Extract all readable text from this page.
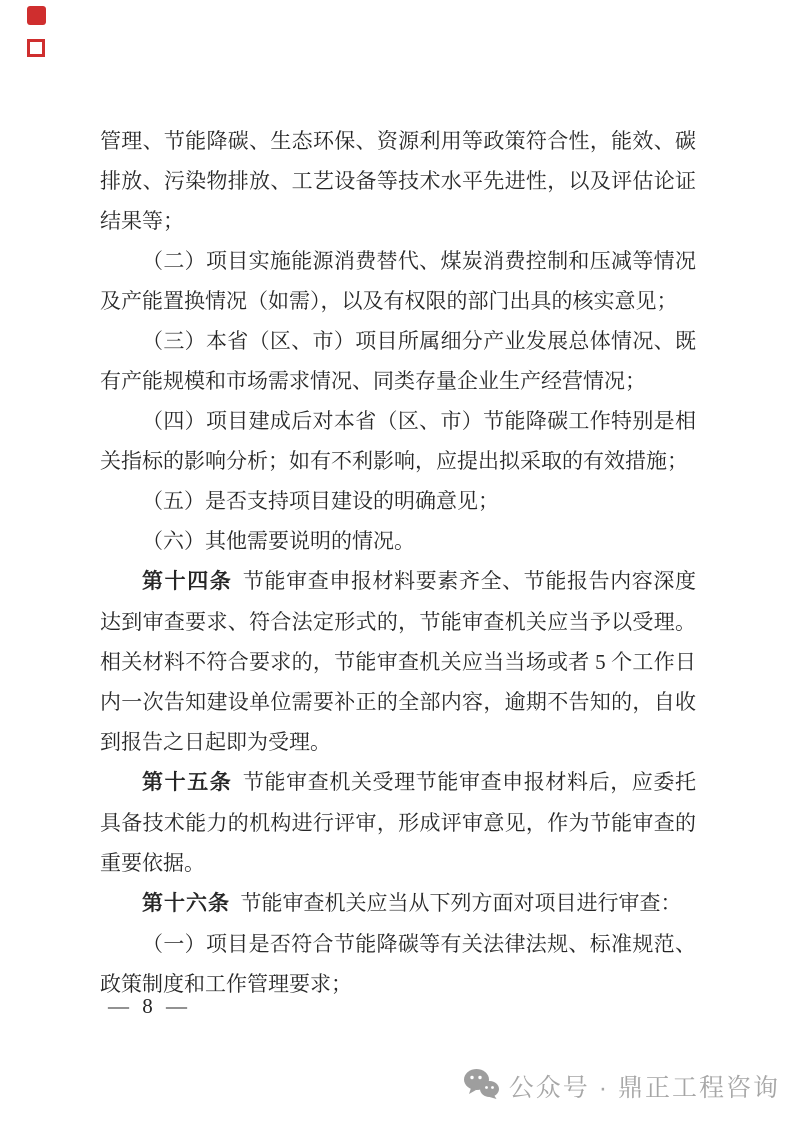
管理、节能降碳、生态环保、资源利用等政策符合性，能效、碳排放、污染物排放、工艺设备等技术水平先进性，以及评估论证结果等；

（二）项目实施能源消费替代、煤炭消费控制和压减等情况及产能置换情况（如需），以及有权限的部门出具的核实意见；

（三）本省（区、市）项目所属细分产业发展总体情况、既有产能规模和市场需求情况、同类存量企业生产经营情况；

（四）项目建成后对本省（区、市）节能降碳工作特别是相关指标的影响分析；如有不利影响，应提出拟采取的有效措施；

（五）是否支持项目建设的明确意见；

（六）其他需要说明的情况。

第十四条 节能审查申报材料要素齐全、节能报告内容深度达到审查要求、符合法定形式的，节能审查机关应当予以受理。相关材料不符合要求的，节能审查机关应当当场或者 5 个工作日内一次告知建设单位需要补正的全部内容，逾期不告知的，自收到报告之日起即为受理。

第十五条 节能审查机关受理节能审查申报材料后，应委托具备技术能力的机构进行评审，形成评审意见，作为节能审查的重要依据。

第十六条 节能审查机关应当从下列方面对项目进行审查：

（一）项目是否符合节能降碳等有关法律法规、标准规范、政策制度和工作管理要求；

— 8 —
公众号 · 鼎正工程咨询
